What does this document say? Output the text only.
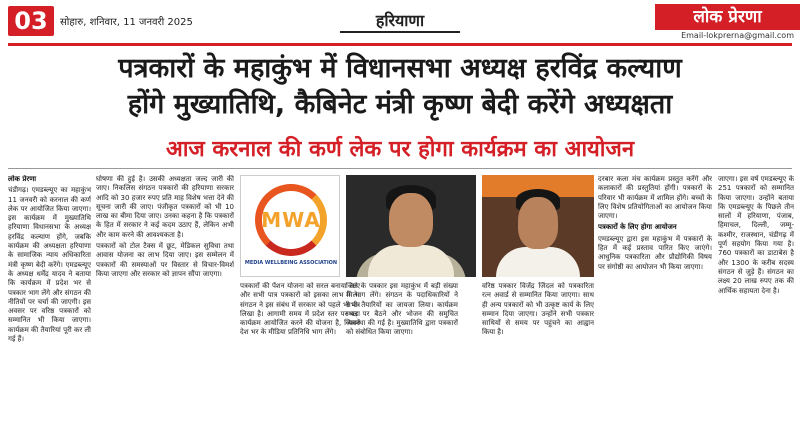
03	सोहारु, शनिवार, 11 जनवरी 2025	हरियाणा	लोक प्रेरणा
Email-lokprerna@gmail.com
पत्रकारों के महाकुंभ में विधानसभा अध्यक्ष हरविंद्र कल्याण
होंगे मुख्यातिथि, कैबिनेट मंत्री कृष्ण बेदी करेंगे अध्यक्षता
आज करनाल की कर्ण लेक पर होगा कार्यक्रम का आयोजन

लोक प्रेरणा

चंडीगढ़। एमडब्ल्यूए का महाकुंभ 11 जनवरी को करनाल की कर्ण लेक पर आयोजित किया जाएगा। इस कार्यक्रम में मुख्यातिथि हरियाणा विधानसभा के अध्यक्ष हरविंद्र कल्याण होंगे, जबकि कार्यक्रम की अध्यक्षता हरियाणा के सामाजिक न्याय अधिकारिता मंत्री कृष्ण बेदी करेंगे। एमडब्ल्यूए के अध्यक्ष धर्मेंद्र यादव ने बताया कि कार्यक्रम में प्रदेश भर से पत्रकार भाग लेंगे और संगठन की नीतियों पर चर्चा की जाएगी। इस अवसर पर वरिष्ठ पत्रकारों को सम्मानित भी किया जाएगा। कार्यक्रम की तैयारियां पूरी कर ली गई हैं।

घोषणा की हुई है। उसकी अध्यक्षता जल्द जारी की जाए। निकलिस संगठन पत्रकारों की हरियाणा सरकार आदि को 30 हजार रुपए प्रति माह विशेष भत्ता देने की सूचना जारी की जाए। पंजीकृत पत्रकारों को भी 10 लाख का बीमा दिया जाए। उनका कहना है कि पत्रकारों के हित में सरकार ने कई कदम उठाए हैं, लेकिन अभी और काम करने की आवश्यकता है।

पत्रकारों को टोल टैक्स में छूट, मेडिकल सुविधा तथा आवास योजना का लाभ दिया जाए। इस सम्मेलन में पत्रकारों की समस्याओं पर विस्तार से विचार-विमर्श किया जाएगा और सरकार को ज्ञापन सौंपा जाएगा।

MWA
MEDIA WELLBEING ASSOCIATION

पत्रकारों की पेंशन योजना को सरल बनाया जाए और सभी पात्र पत्रकारों को इसका लाभ मिले। संगठन ने इस संबंध में सरकार को पहले भी पत्र लिखा है। आगामी समय में प्रदेश स्तर पर बड़ा कार्यक्रम आयोजित करने की योजना है, जिसमें देश भर के मीडिया प्रतिनिधि भाग लेंगे।

जिले के पत्रकार इस महाकुंभ में बड़ी संख्या में भाग लेंगे। संगठन के पदाधिकारियों ने सभी तैयारियों का जायजा लिया। कार्यक्रम स्थल पर बैठने और भोजन की समुचित व्यवस्था की गई है। मुख्यातिथि द्वारा पत्रकारों को संबोधित किया जाएगा।

वरिष्ठ पत्रकार विजेंद्र जिंदल को पत्रकारिता रत्न अवार्ड से सम्मानित किया जाएगा। साथ ही अन्य पत्रकारों को भी उत्कृष्ट कार्य के लिए सम्मान दिया जाएगा। उन्होंने सभी पत्रकार साथियों से समय पर पहुंचने का आह्वान किया है।

दरबार कला मंच कार्यक्रम प्रस्तुत करेंगे और कलाकारों की प्रस्तुतियां होंगी। पत्रकारों के परिवार भी कार्यक्रम में शामिल होंगे। बच्चों के लिए विशेष प्रतियोगिताओं का आयोजन किया जाएगा।

पत्रकारों के लिए होगा आयोजन

एमडब्ल्यूए द्वारा इस महाकुंभ में पत्रकारों के हित में कई प्रस्ताव पारित किए जाएंगे। आधुनिक पत्रकारिता और प्रौद्योगिकी विषय पर संगोष्ठी का आयोजन भी किया जाएगा।

जाएगा। इस वर्ष एमडब्ल्यूए के 251 पत्रकारों को सम्मानित किया जाएगा। उन्होंने बताया कि एमडब्ल्यूए के पिछले तीन सालों में हरियाणा, पंजाब, हिमाचल, दिल्ली, जम्मू-कश्मीर, राजस्थान, चंडीगढ़ में पूर्ण सहयोग किया गया है। 760 पत्रकारों का डाटाबेस है और 1300 के करीब सदस्य संगठन से जुड़े हैं। संगठन का लक्ष्य 20 लाख रुपए तक की आर्थिक सहायता देना है।
